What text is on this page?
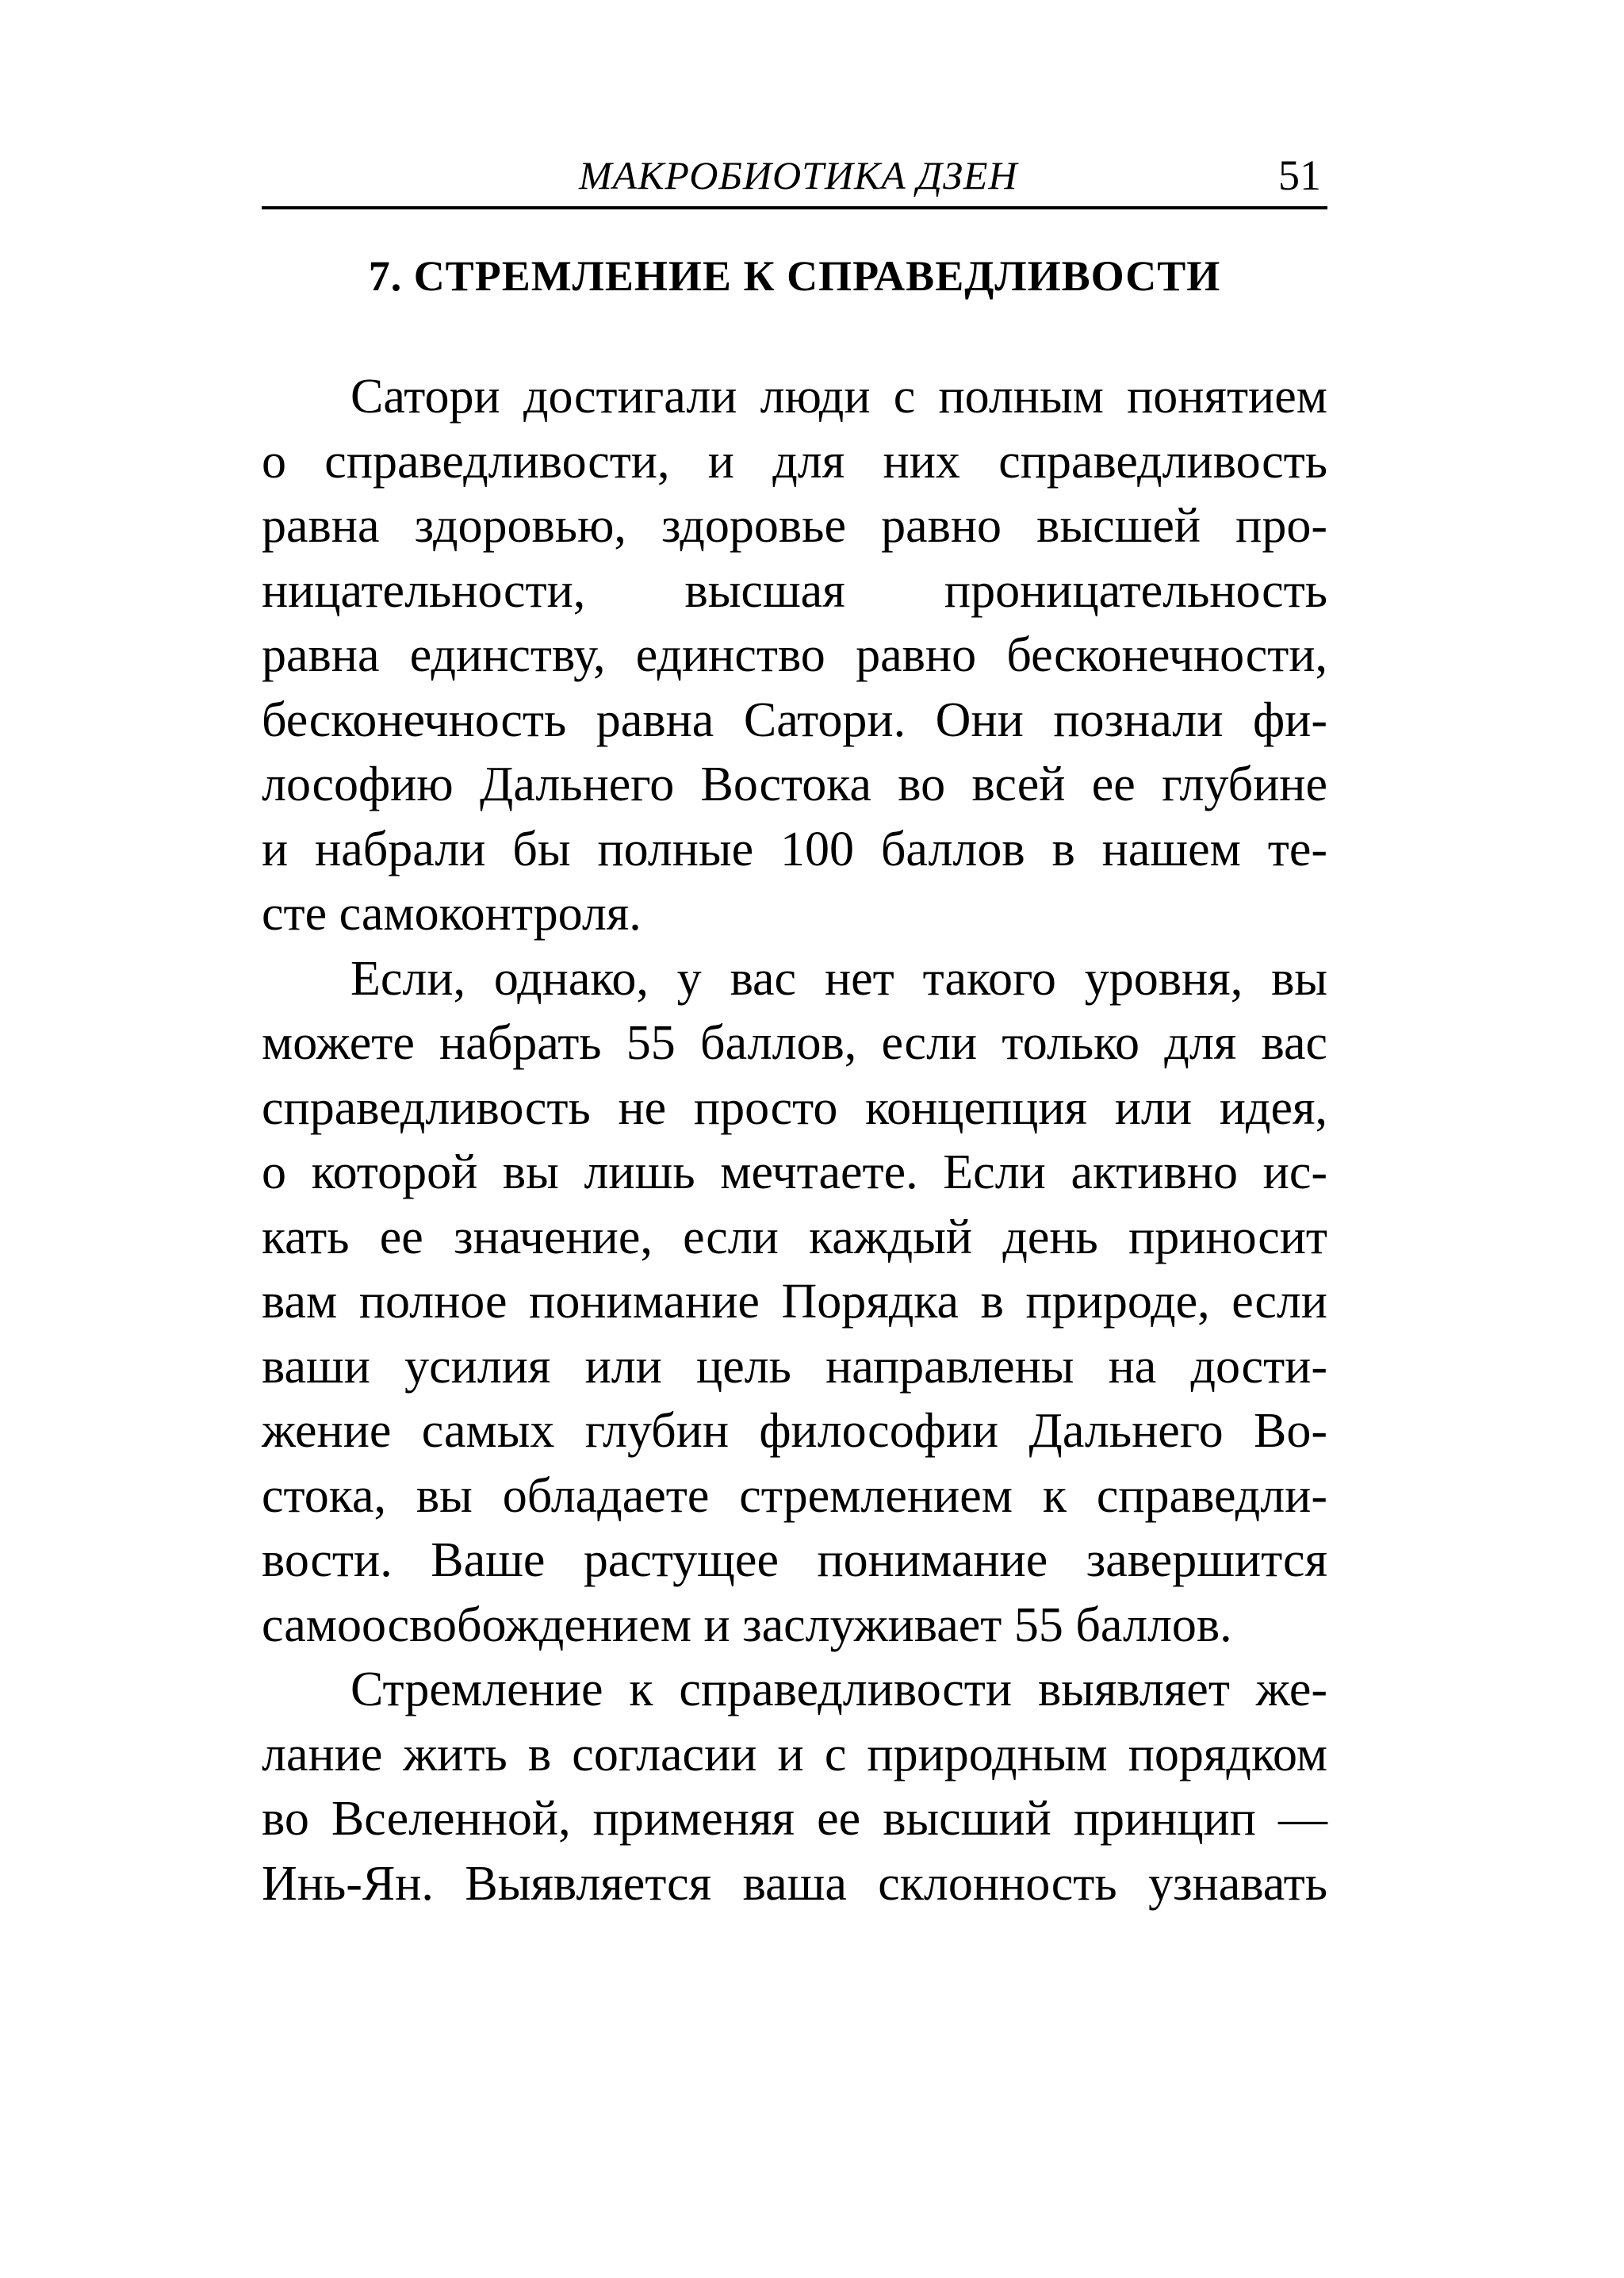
МАКРОБИОТИКА ДЗЕН	51
7. СТРЕМЛЕНИЕ К СПРАВЕДЛИВОСТИ
Сатори достигали люди с полным понятием
о справедливости, и для них справедливость
равна здоровью, здоровье равно высшей про-
ницательности, высшая проницательность
равна единству, единство равно бесконечности,
бесконечность равна Сатори. Они познали фи-
лософию Дальнего Востока во всей ее глубине
и набрали бы полные 100 баллов в нашем те-
сте самоконтроля.
Если, однако, у вас нет такого уровня, вы
можете набрать 55 баллов, если только для вас
справедливость не просто концепция или идея,
о которой вы лишь мечтаете. Если активно ис-
кать ее значение, если каждый день приносит
вам полное понимание Порядка в природе, если
ваши усилия или цель направлены на дости-
жение самых глубин философии Дальнего Во-
стока, вы обладаете стремлением к справедли-
вости. Ваше растущее понимание завершится
самоосвобождением и заслуживает 55 баллов.
Стремление к справедливости выявляет же-
лание жить в согласии и с природным порядком
во Вселенной, применяя ее высший принцип —
Инь-Ян. Выявляется ваша склонность узнавать
